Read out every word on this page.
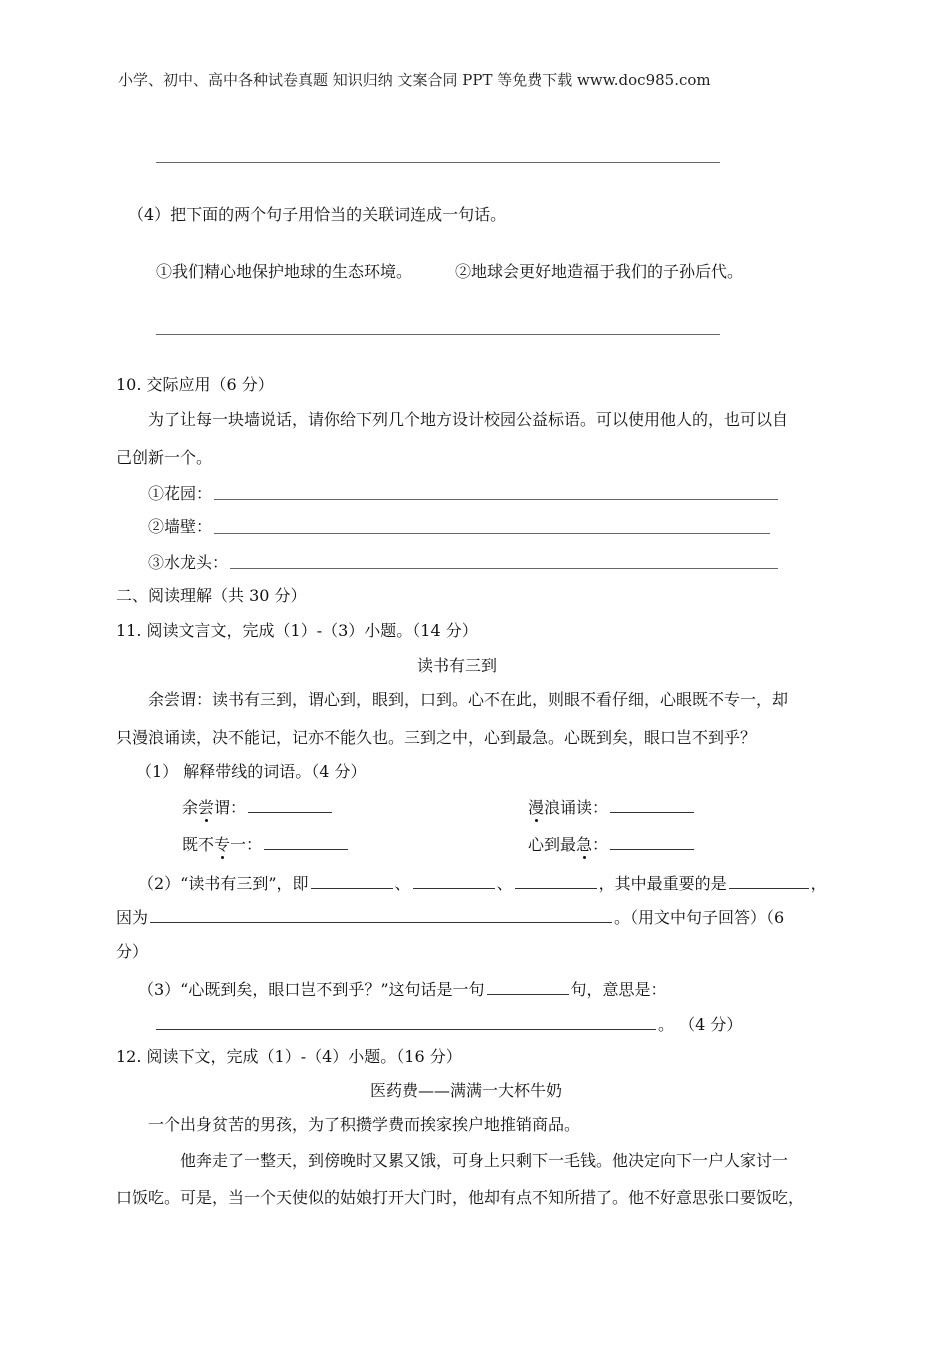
小学、初中、高中各种试卷真题 知识归纳 文案合同 PPT 等免费下载 www.doc985.com
（4）把下面的两个句子用恰当的关联词连成一句话。
①我们精心地保护地球的生态环境。	②地球会更好地造福于我们的子孙后代。
10. 交际应用（6 分）
为了让每一块墙说话，请你给下列几个地方设计校园公益标语。可以使用他人的，也可以自
己创新一个。
①花园：
②墙壁：
③水龙头：
二、阅读理解（共 30 分）
11. 阅读文言文，完成（1）-（3）小题。（14 分）
读书有三到
余尝谓：读书有三到，谓心到，眼到，口到。心不在此，则眼不看仔细，心眼既不专一，却
只漫浪诵读，决不能记，记亦不能久也。三到之中，心到最急。心既到矣，眼口岂不到乎？
（1） 解释带线的词语。（4 分）
余尝谓：	漫浪诵读：
既不专一：	心到最急：
（2）“读书有三到”，即	、	、	，其中最重要的是	，
因为	。（用文中句子回答）（6
分）
（3）“心既到矣，眼口岂不到乎？”这句话是一句	句，意思是：
。 （4 分）
12. 阅读下文，完成（1）-（4）小题。（16 分）
医药费——满满一大杯牛奶
一个出身贫苦的男孩，为了积攒学费而挨家挨户地推销商品。
他奔走了一整天，到傍晚时又累又饿，可身上只剩下一毛钱。他决定向下一户人家讨一
口饭吃。可是，当一个天使似的姑娘打开大门时，他却有点不知所措了。他不好意思张口要饭吃，
